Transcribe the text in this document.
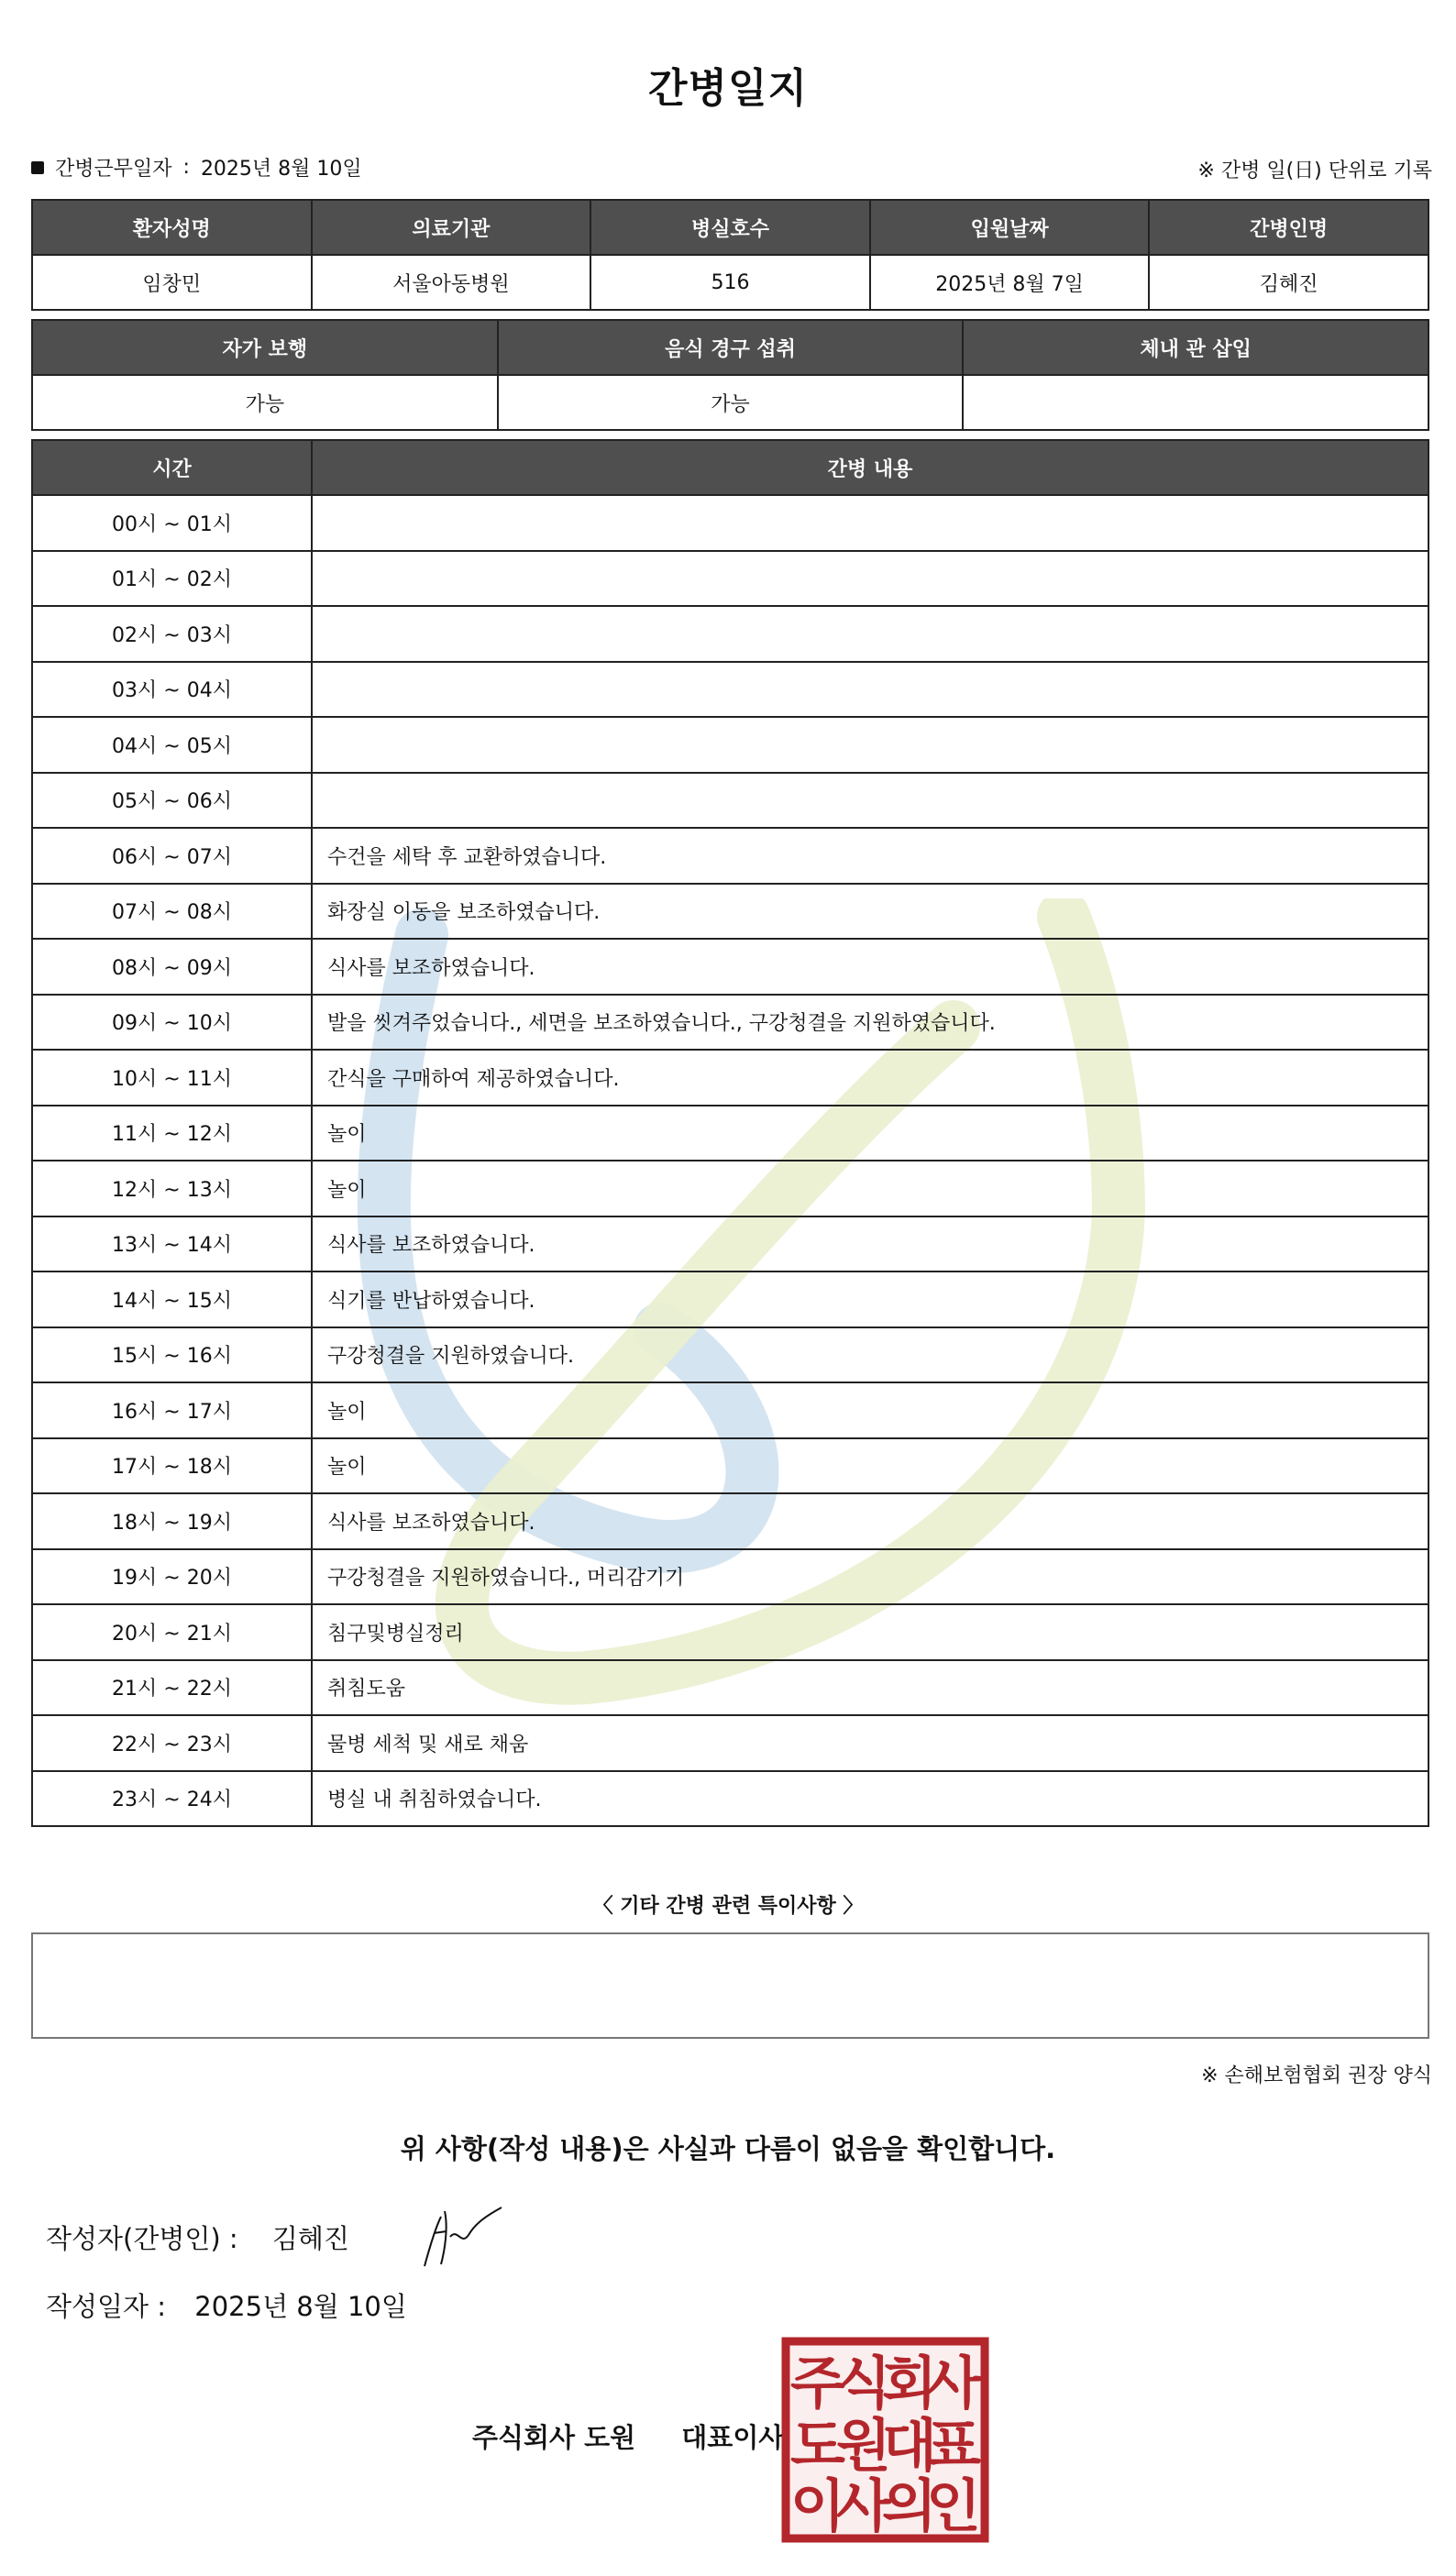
간병일지
간병근무일자 : 2025년 8월 10일	※ 간병 일(日) 단위로 기록
환자성명	의료기관	병실호수	입원날짜	간병인명
임창민	서울아동병원	516	2025년 8월 7일	김혜진
자가 보행	음식 경구 섭취	체내 관 삽입
가능	가능	
시간	간병 내용
00시 ~ 01시	
01시 ~ 02시	
02시 ~ 03시	
03시 ~ 04시	
04시 ~ 05시	
05시 ~ 06시	
06시 ~ 07시	수건을 세탁 후 교환하였습니다.
07시 ~ 08시	화장실 이동을 보조하였습니다.
08시 ~ 09시	식사를 보조하였습니다.
09시 ~ 10시	발을 씻겨주었습니다., 세면을 보조하였습니다., 구강청결을 지원하였습니다.
10시 ~ 11시	간식을 구매하여 제공하였습니다.
11시 ~ 12시	놀이
12시 ~ 13시	놀이
13시 ~ 14시	식사를 보조하였습니다.
14시 ~ 15시	식기를 반납하였습니다.
15시 ~ 16시	구강청결을 지원하였습니다.
16시 ~ 17시	놀이
17시 ~ 18시	놀이
18시 ~ 19시	식사를 보조하였습니다.
19시 ~ 20시	구강청결을 지원하였습니다., 머리감기기
20시 ~ 21시	침구및병실정리
21시 ~ 22시	취침도움
22시 ~ 23시	물병 세척 및 새로 채움
23시 ~ 24시	병실 내 취침하였습니다.
〈 기타 간병 관련 특이사항 〉
※ 손해보험협회 권장 양식
위 사항(작성 내용)은 사실과 다름이 없음을 확인합니다.
작성자(간병인) : 김혜진
작성일자 : 2025년 8월 10일
주식회사 도원 대표이사
주
식
회
사
도
원
대
표
이
사
의
인
